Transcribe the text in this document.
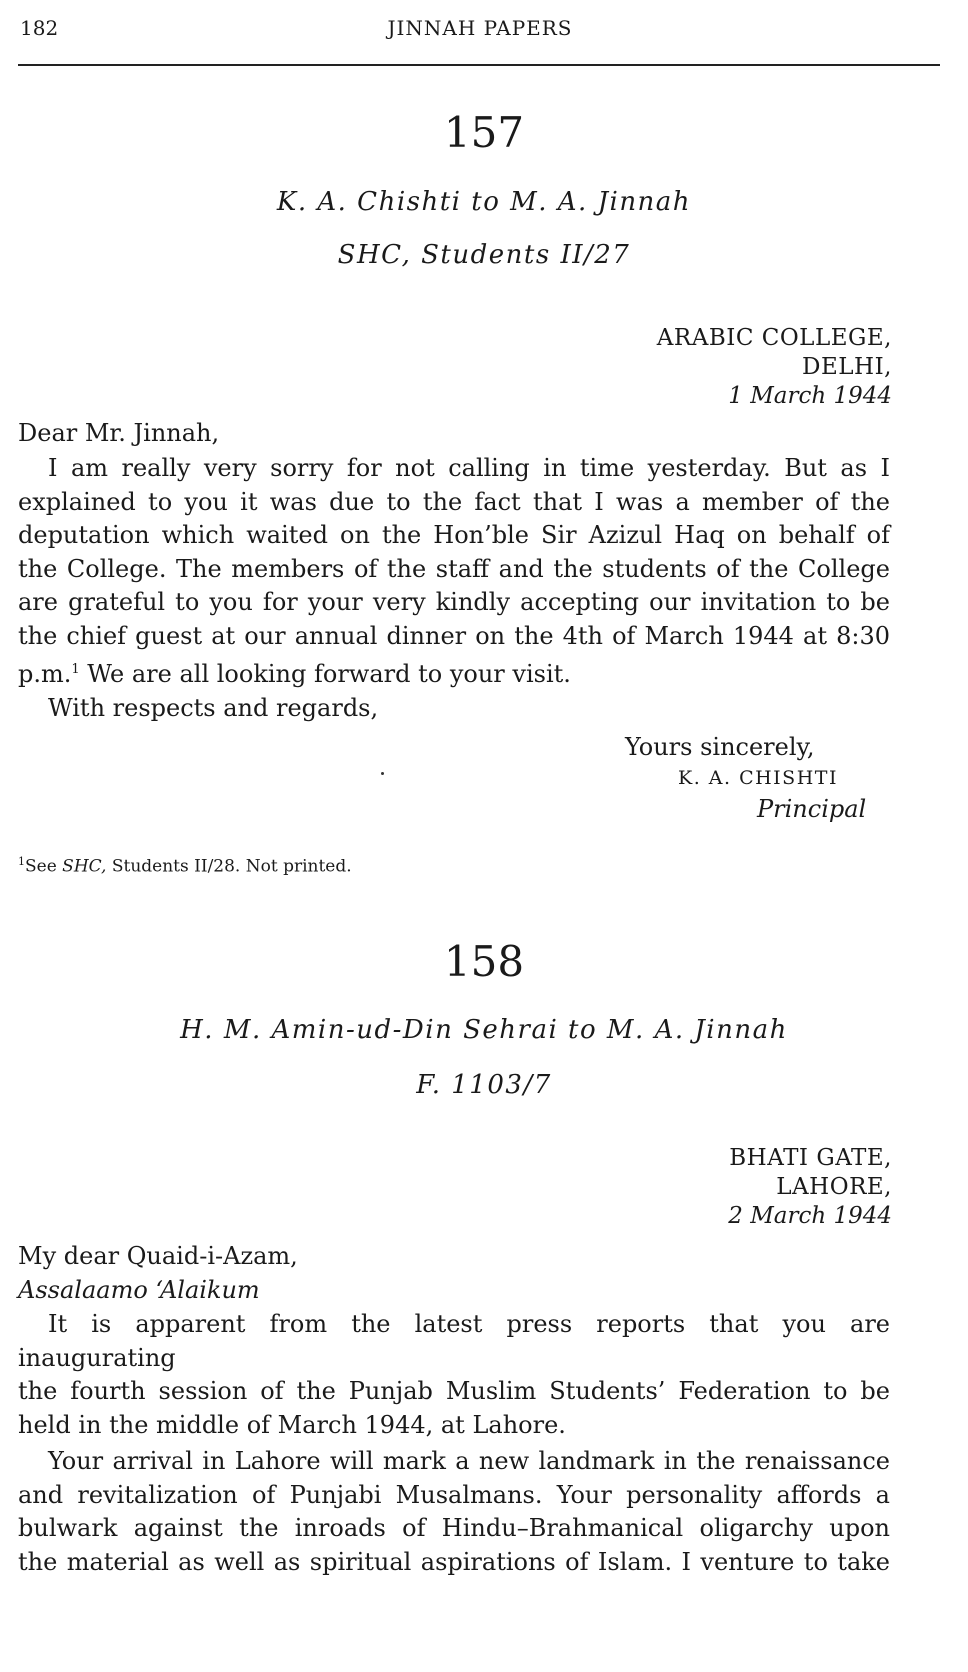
182	JINNAH PAPERS
157
K. A. Chishti to M. A. Jinnah
SHC, Students II/27
ARABIC COLLEGE,
DELHI,
1 March 1944
Dear Mr. Jinnah,
I am really very sorry for not calling in time yesterday. But as I
explained to you it was due to the fact that I was a member of the
deputation which waited on the Hon’ble Sir Azizul Haq on behalf of
the College. The members of the staff and the students of the College
are grateful to you for your very kindly accepting our invitation to be
the chief guest at our annual dinner on the 4th of March 1944 at 8:30
p.m.$^1$ We are all looking forward to your visit.
With respects and regards,
Yours sincerely,
K. A. CHISHTI
Principal
$^1$See SHC, Students II/28. Not printed.
158
H. M. Amin-ud-Din Sehrai to M. A. Jinnah
F. 1103/7
BHATI GATE,
LAHORE,
2 March 1944
My dear Quaid-i-Azam,
Assalaamo ‘Alaikum
It is apparent from the latest press reports that you are inaugurating
the fourth session of the Punjab Muslim Students’ Federation to be
held in the middle of March 1944, at Lahore.
Your arrival in Lahore will mark a new landmark in the renaissance
and revitalization of Punjabi Musalmans. Your personality affords a
bulwark against the inroads of Hindu–Brahmanical oligarchy upon
the material as well as spiritual aspirations of Islam. I venture to take
